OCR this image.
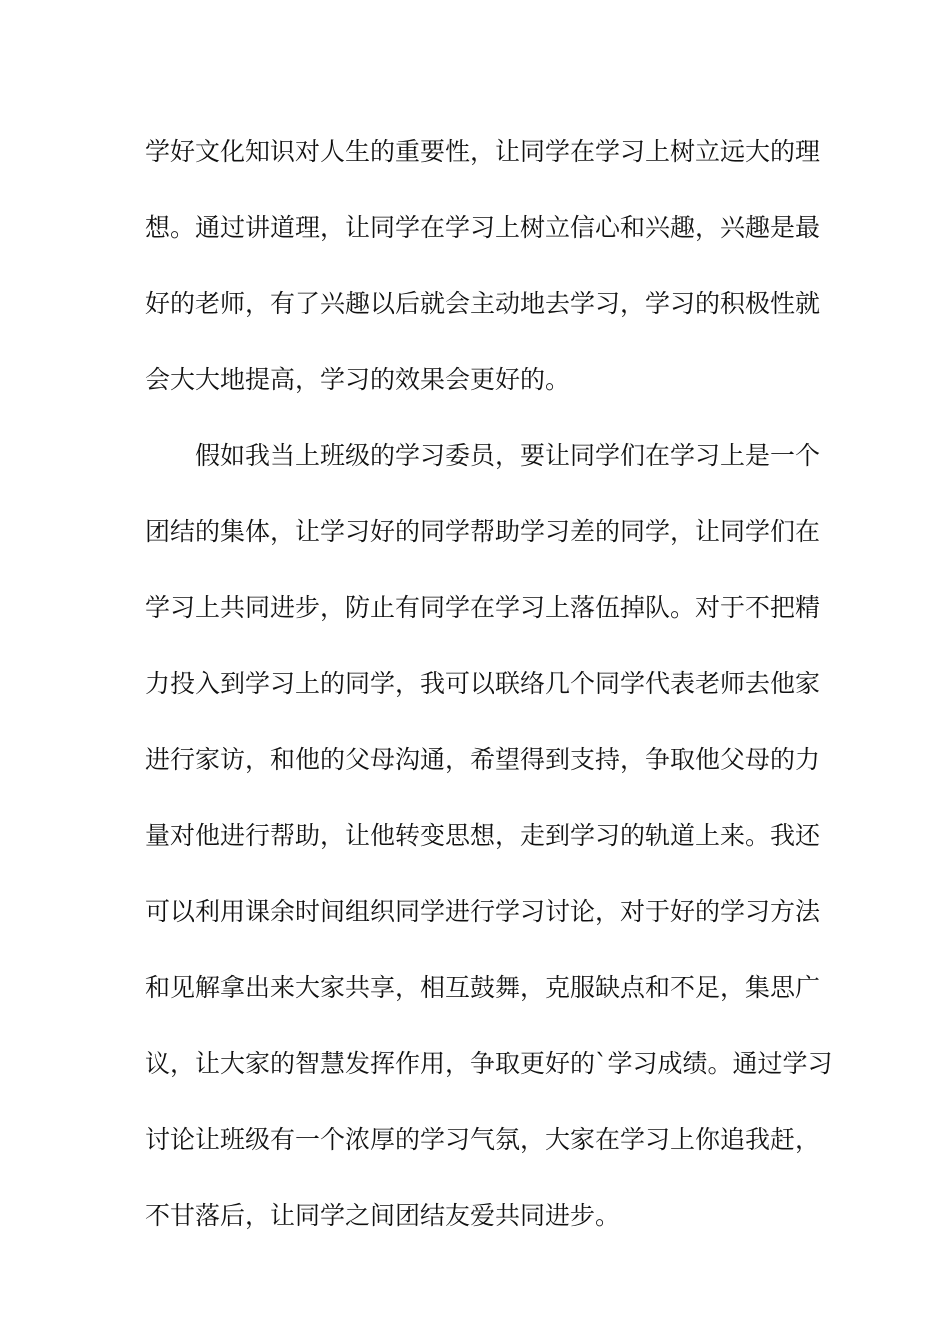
学好文化知识对人生的重要性，让同学在学习上树立远大的理
想。通过讲道理，让同学在学习上树立信心和兴趣，兴趣是最
好的老师，有了兴趣以后就会主动地去学习，学习的积极性就
会大大地提高，学习的效果会更好的。
假如我当上班级的学习委员，要让同学们在学习上是一个
团结的集体，让学习好的同学帮助学习差的同学，让同学们在
学习上共同进步，防止有同学在学习上落伍掉队。对于不把精
力投入到学习上的同学，我可以联络几个同学代表老师去他家
进行家访，和他的父母沟通，希望得到支持，争取他父母的力
量对他进行帮助，让他转变思想，走到学习的轨道上来。我还
可以利用课余时间组织同学进行学习讨论，对于好的学习方法
和见解拿出来大家共享，相互鼓舞，克服缺点和不足，集思广
议，让大家的智慧发挥作用，争取更好的`学习成绩。通过学习
讨论让班级有一个浓厚的学习气氛，大家在学习上你追我赶，
不甘落后，让同学之间团结友爱共同进步。
